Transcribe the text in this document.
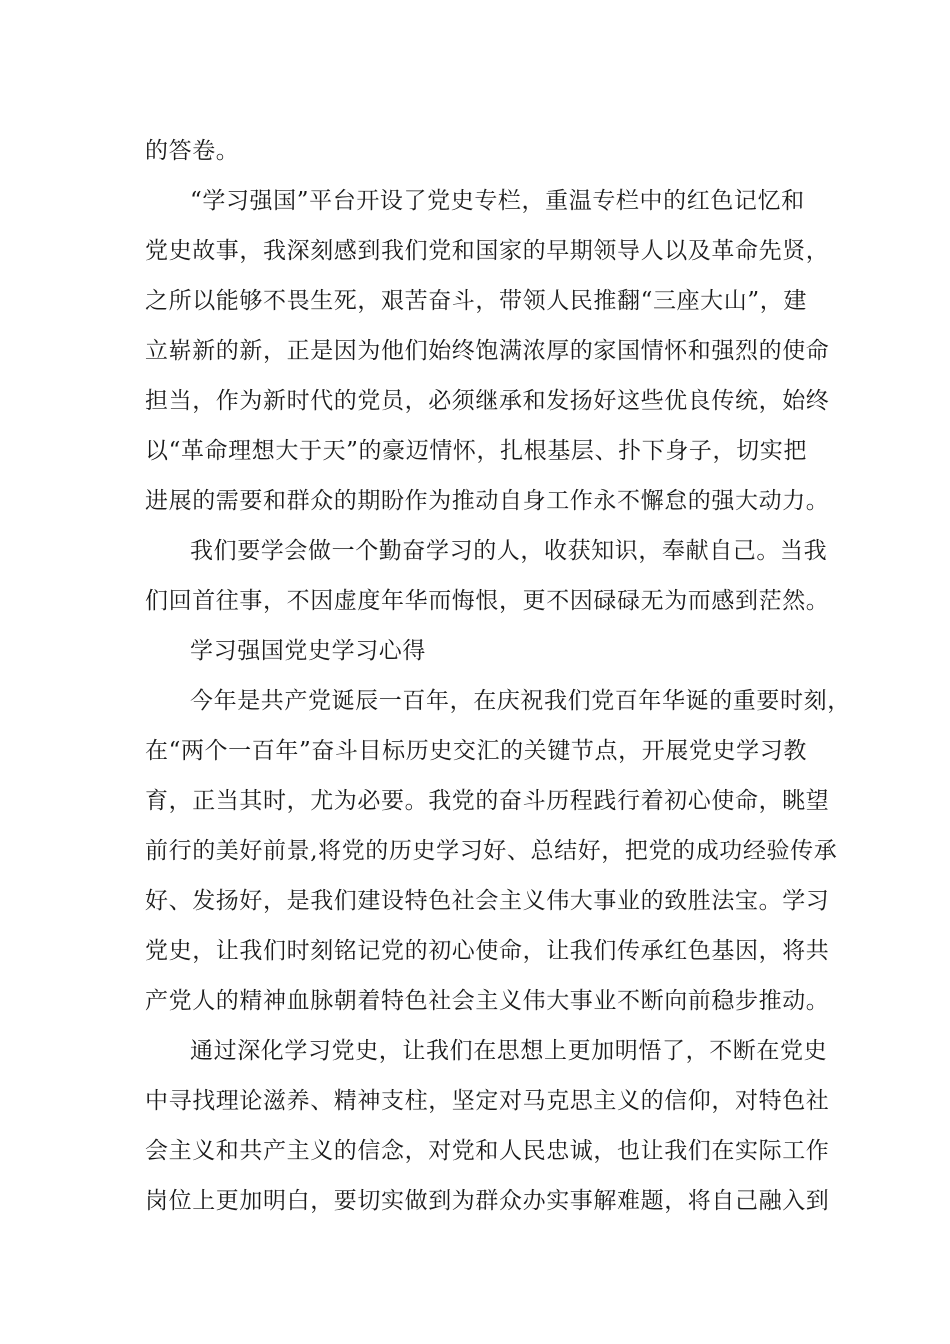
的答卷。
“学习强国”平台开设了党史专栏，重温专栏中的红色记忆和
党史故事，我深刻感到我们党和国家的早期领导人以及革命先贤，
之所以能够不畏生死，艰苦奋斗，带领人民推翻“三座大山”，建
立崭新的新，正是因为他们始终饱满浓厚的家国情怀和强烈的使命
担当，作为新时代的党员，必须继承和发扬好这些优良传统，始终
以“革命理想大于天”的豪迈情怀，扎根基层、扑下身子，切实把
进展的需要和群众的期盼作为推动自身工作永不懈怠的强大动力。
我们要学会做一个勤奋学习的人，收获知识，奉献自己。当我
们回首往事，不因虚度年华而悔恨，更不因碌碌无为而感到茫然。
学习强国党史学习心得
今年是共产党诞辰一百年，在庆祝我们党百年华诞的重要时刻，
在“两个一百年”奋斗目标历史交汇的关键节点，开展党史学习教
育，正当其时，尤为必要。我党的奋斗历程践行着初心使命，眺望
前行的美好前景,将党的历史学习好、总结好，把党的成功经验传承
好、发扬好，是我们建设特色社会主义伟大事业的致胜法宝。学习
党史，让我们时刻铭记党的初心使命，让我们传承红色基因，将共
产党人的精神血脉朝着特色社会主义伟大事业不断向前稳步推动。
通过深化学习党史，让我们在思想上更加明悟了，不断在党史
中寻找理论滋养、精神支柱，坚定对马克思主义的信仰，对特色社
会主义和共产主义的信念，对党和人民忠诚，也让我们在实际工作
岗位上更加明白，要切实做到为群众办实事解难题，将自己融入到
